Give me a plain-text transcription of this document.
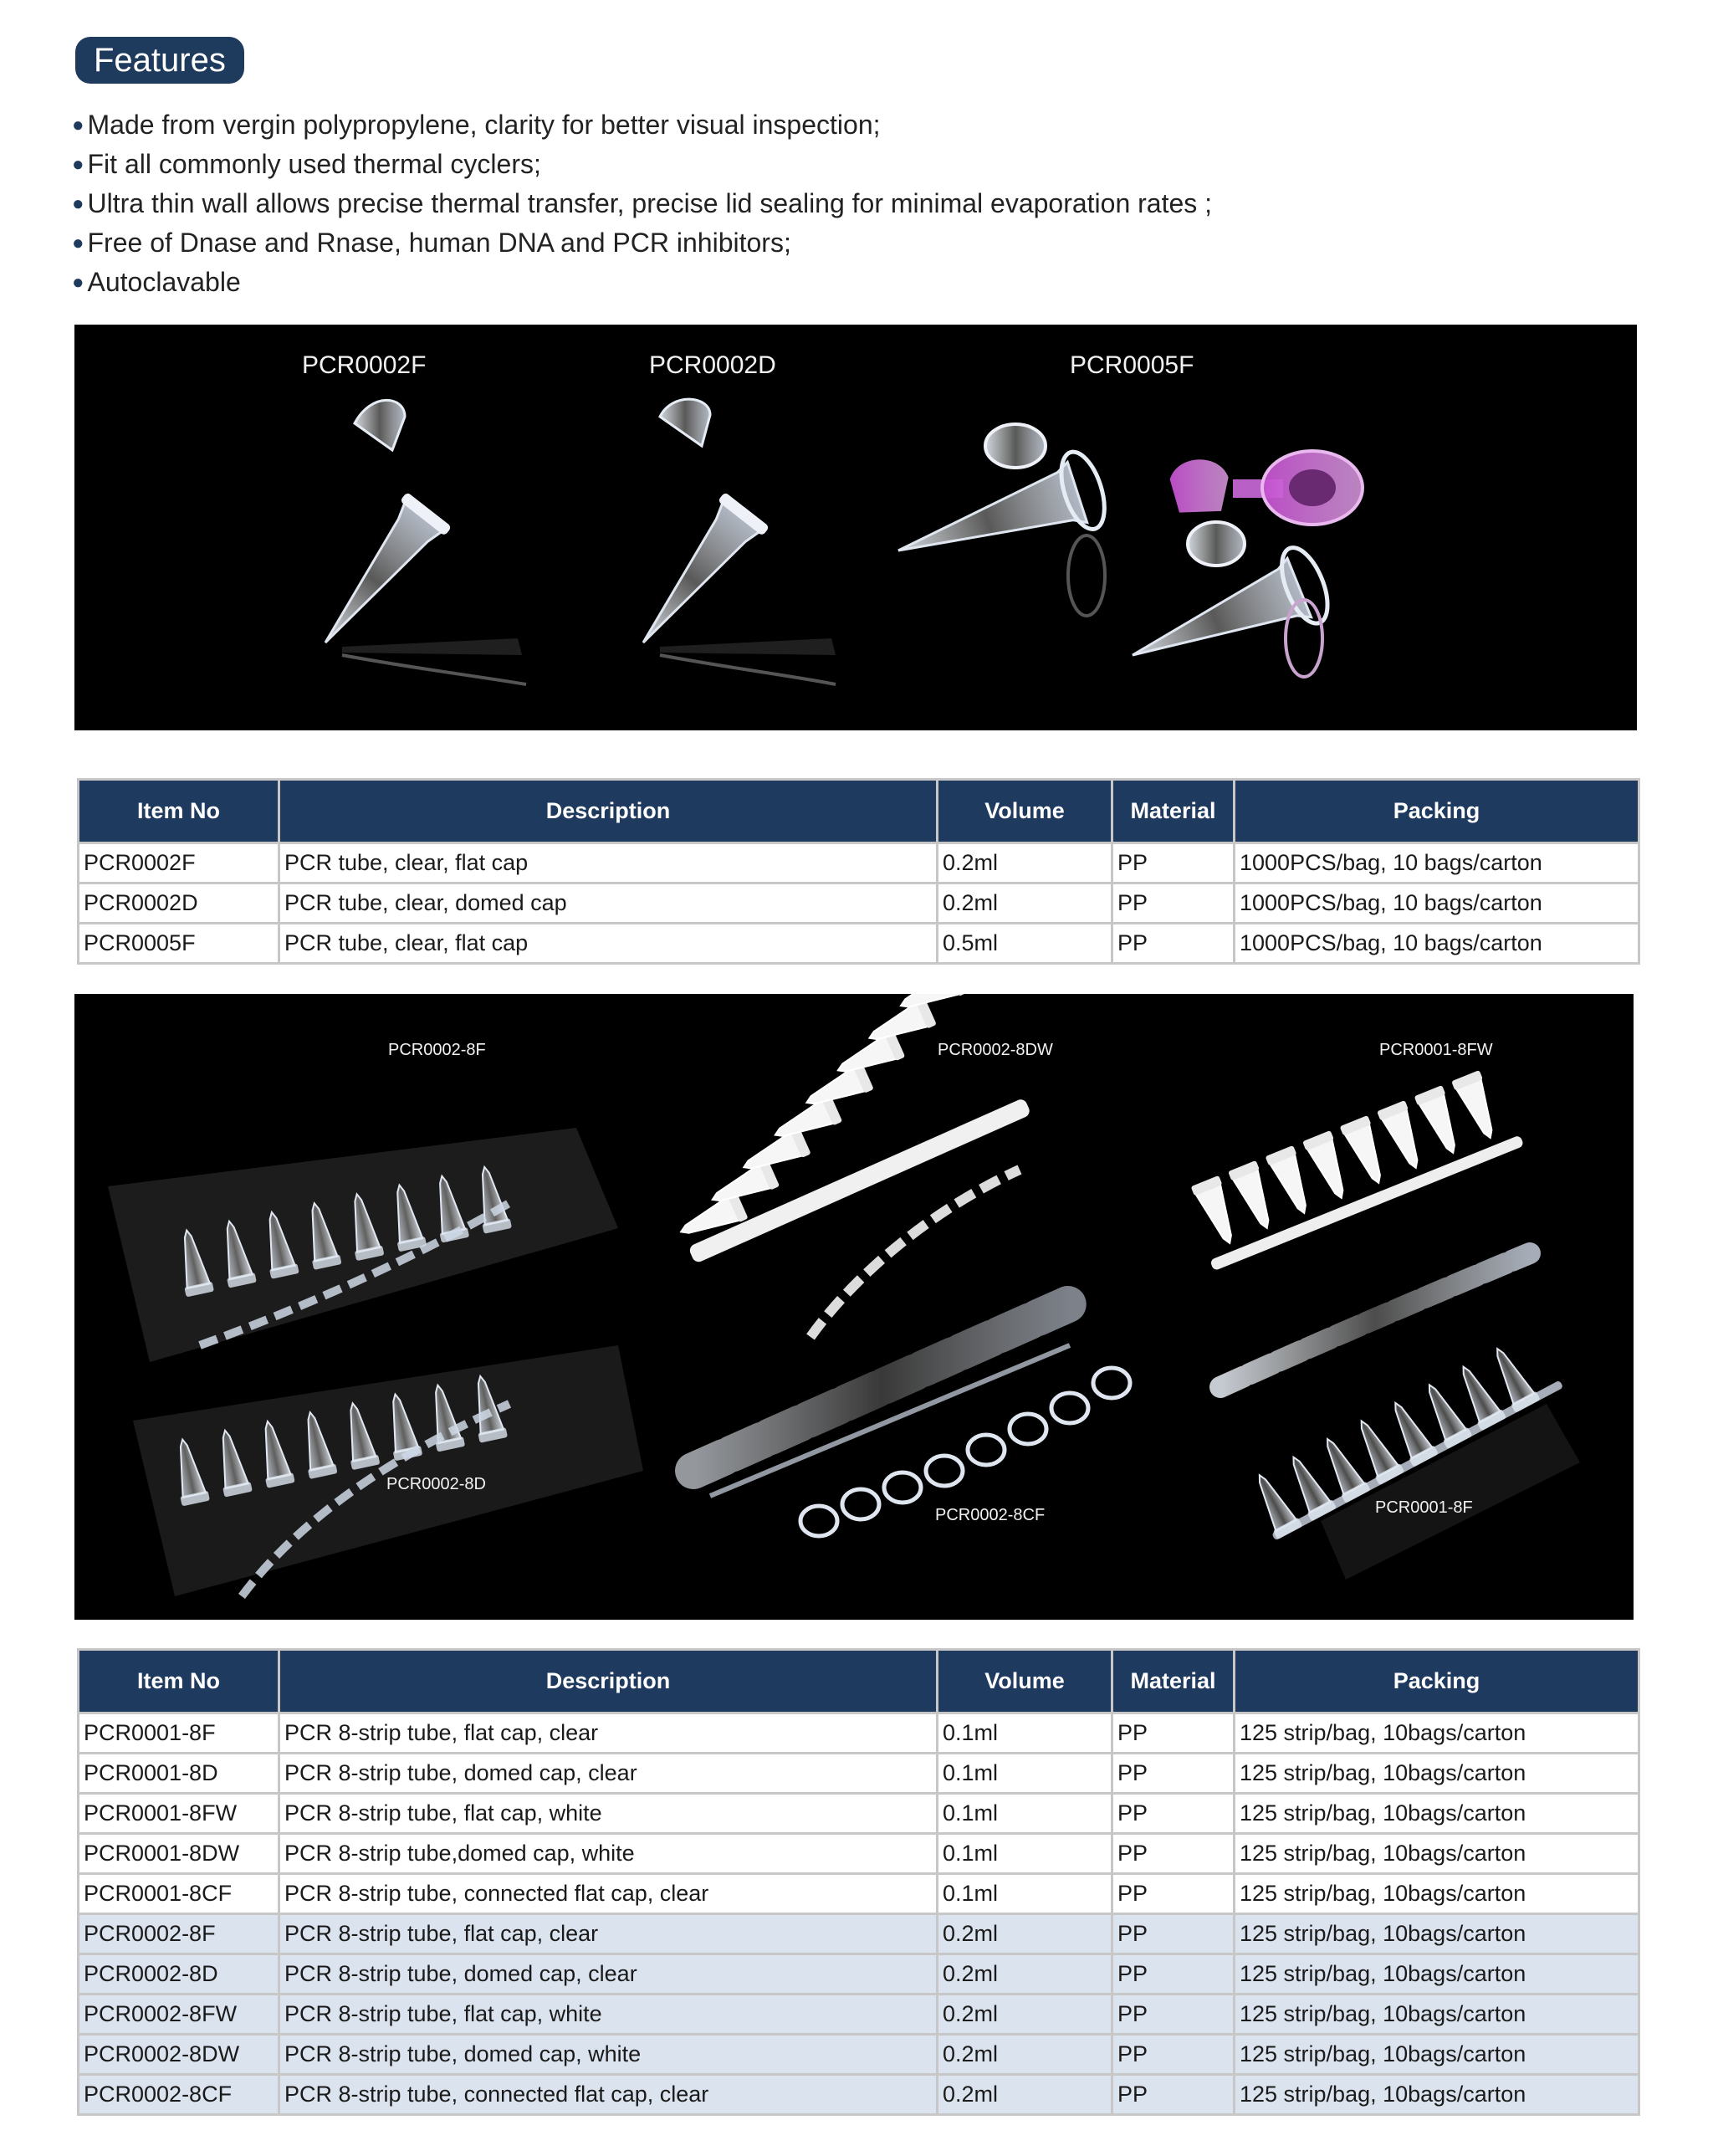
Features
● Made from vergin polypropylene, clarity for better visual inspection;
● Fit all commonly used thermal cyclers;
● Ultra thin wall allows precise thermal transfer, precise lid sealing for minimal evaporation rates ;
● Free of Dnase and Rnase, human DNA and PCR inhibitors;
● Autoclavable
PCR0002F	PCR0002D	PCR0005F
Item No	Description	Volume	Material	Packing
PCR0002F	PCR tube, clear, flat cap	0.2ml	PP	1000PCS/bag, 10 bags/carton
PCR0002D	PCR tube, clear, domed cap	0.2ml	PP	1000PCS/bag, 10 bags/carton
PCR0005F	PCR tube, clear, flat cap	0.5ml	PP	1000PCS/bag, 10 bags/carton
PCR0002-8F	PCR0002-8DW	PCR0001-8FW
PCR0002-8D
PCR0002-8CF	PCR0001-8F
Item No	Description	Volume	Material	Packing
PCR0001-8F	PCR 8-strip tube, flat cap, clear	0.1ml	PP	125 strip/bag, 10bags/carton
PCR0001-8D	PCR 8-strip tube, domed cap, clear	0.1ml	PP	125 strip/bag, 10bags/carton
PCR0001-8FW	PCR 8-strip tube, flat cap, white	0.1ml	PP	125 strip/bag, 10bags/carton
PCR0001-8DW	PCR 8-strip tube,domed cap, white	0.1ml	PP	125 strip/bag, 10bags/carton
PCR0001-8CF	PCR 8-strip tube, connected flat cap, clear	0.1ml	PP	125 strip/bag, 10bags/carton
PCR0002-8F	PCR 8-strip tube, flat cap, clear	0.2ml	PP	125 strip/bag, 10bags/carton
PCR0002-8D	PCR 8-strip tube, domed cap, clear	0.2ml	PP	125 strip/bag, 10bags/carton
PCR0002-8FW	PCR 8-strip tube, flat cap, white	0.2ml	PP	125 strip/bag, 10bags/carton
PCR0002-8DW	PCR 8-strip tube, domed cap, white	0.2ml	PP	125 strip/bag, 10bags/carton
PCR0002-8CF	PCR 8-strip tube, connected flat cap, clear	0.2ml	PP	125 strip/bag, 10bags/carton
